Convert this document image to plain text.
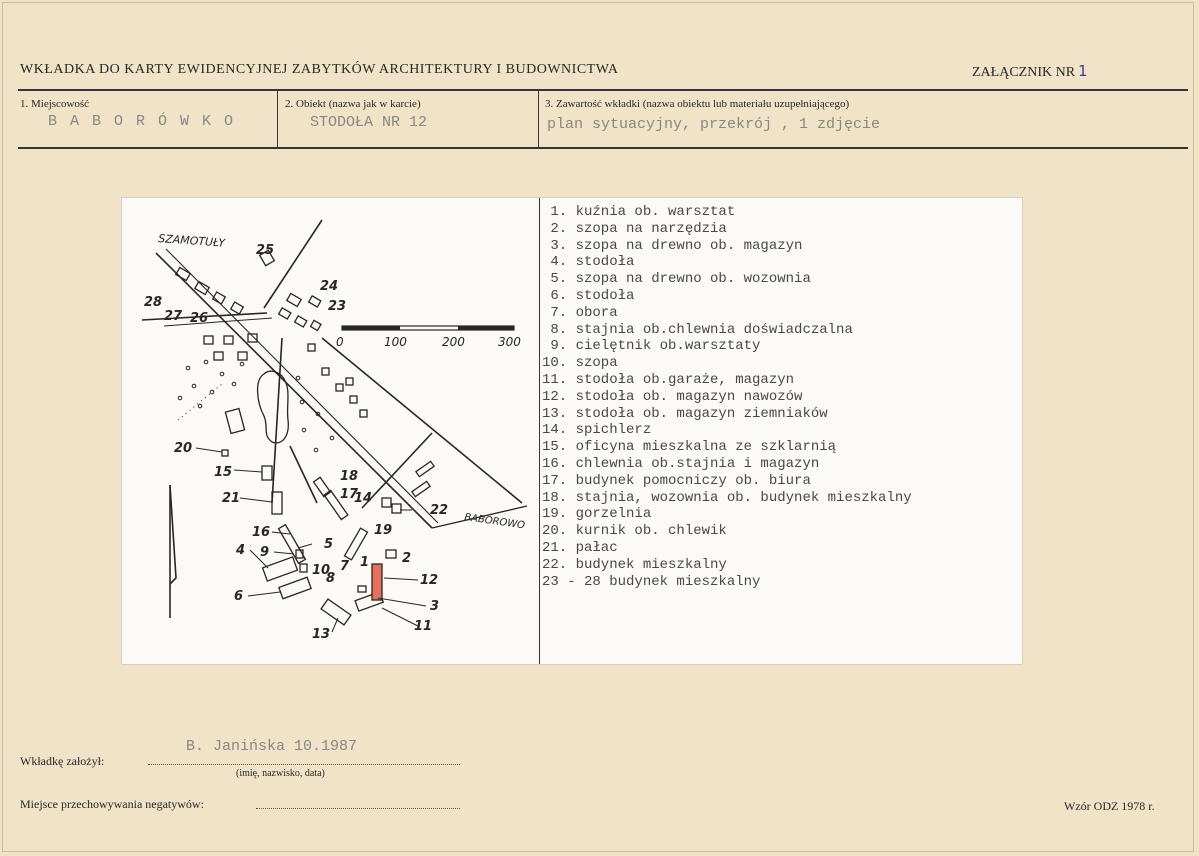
WKŁADKA DO KARTY EWIDENCYJNEJ ZABYTKÓW ARCHITEKTURY I BUDOWNICTWA	ZAŁĄCZNIK NR 1
1. Miejscowość
B A B O R Ó W K O
2. Obiekt (nazwa jak w karcie)
STODOŁA NR 12
3. Zawartość wkładki (nazwa obiektu lub materiału uzupełniającego)
plan sytuacyjny, przekrój , 1 zdjęcie
0	100	200	300
SZAMOTUŁY
BABOROWO
1	2
3
4	5
6
7
8
9
10
11
12
13
14
15
16
17
18
19
20
21
22
23
24
25
26
27
28
1. kuźnia ob. warsztat
2. szopa na narzędzia
3. szopa na drewno ob. magazyn
4. stodoła
5. szopa na drewno ob. wozownia
6. stodoła
7. obora
8. stajnia ob.chlewnia doświadczalna
9. cielętnik ob.warsztaty
10. szopa
11. stodoła ob.garaże, magazyn
12. stodoła ob. magazyn nawozów
13. stodoła ob. magazyn ziemniaków
14. spichlerz
15. oficyna mieszkalna ze szklarnią
16. chlewnia ob.stajnia i magazyn
17. budynek pomocniczy ob. biura
18. stajnia, wozownia ob. budynek mieszkalny
19. gorzelnia
20. kurnik ob. chlewik
21. pałac
22. budynek mieszkalny
23 - 28 budynek mieszkalny
Wkładkę założył:
B. Janińska 10.1987
(imię, nazwisko, data)
Miejsce przechowywania negatywów:	Wzór ODZ 1978 r.
